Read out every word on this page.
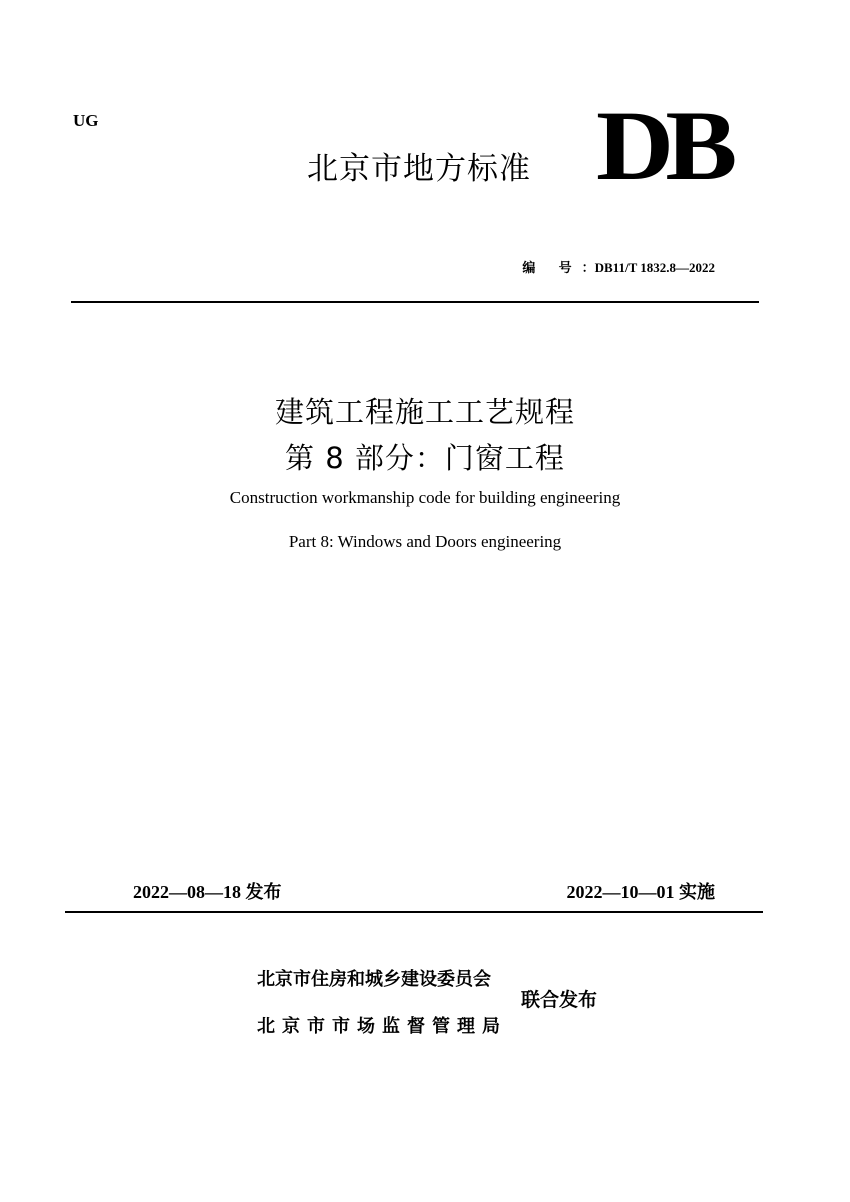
UG
北京市地方标准 DB
编 号：DB11/T 1832.8—2022
建筑工程施工工艺规程
第 8 部分：门窗工程
Construction workmanship code for building engineering
Part 8: Windows and Doors engineering
2022—08—18 发布	2022—10—01 实施
北京市住房和城乡建设委员会
北京市市场监督管理局
联合发布
